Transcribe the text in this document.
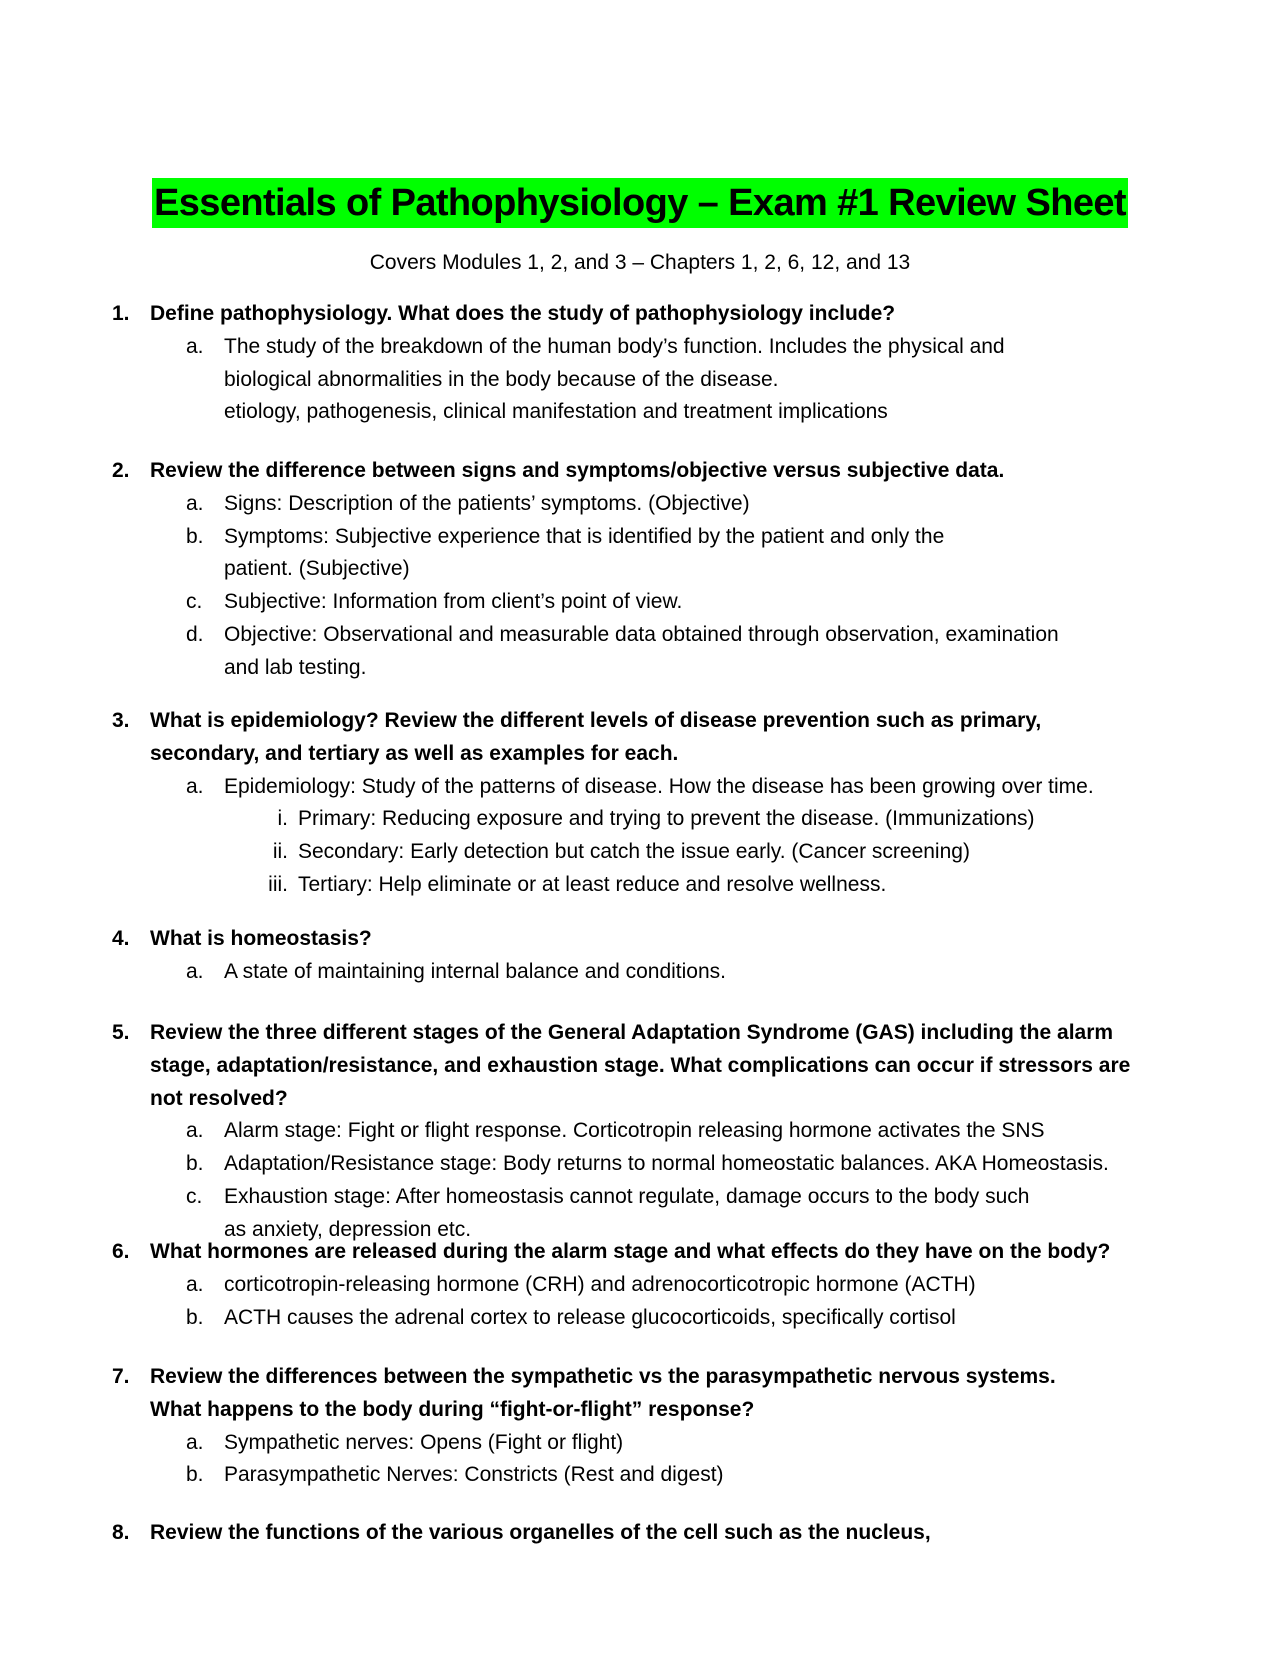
Essentials of Pathophysiology – Exam #1 Review Sheet
Covers Modules 1, 2, and 3 – Chapters 1, 2, 6, 12, and 13
1. Define pathophysiology. What does the study of pathophysiology include?
a. The study of the breakdown of the human body’s function. Includes the physical and
biological abnormalities in the body because of the disease.
etiology, pathogenesis, clinical manifestation and treatment implications
2. Review the difference between signs and symptoms/objective versus subjective data.
a. Signs: Description of the patients’ symptoms. (Objective)
b. Symptoms: Subjective experience that is identified by the patient and only the
patient. (Subjective)
c. Subjective: Information from client’s point of view.
d. Objective: Observational and measurable data obtained through observation, examination
and lab testing.
3. What is epidemiology? Review the different levels of disease prevention such as primary,
secondary, and tertiary as well as examples for each.
a. Epidemiology: Study of the patterns of disease. How the disease has been growing over time.
i. Primary: Reducing exposure and trying to prevent the disease. (Immunizations)
ii. Secondary: Early detection but catch the issue early. (Cancer screening)
iii. Tertiary: Help eliminate or at least reduce and resolve wellness.
4. What is homeostasis?
a. A state of maintaining internal balance and conditions.
5. Review the three different stages of the General Adaptation Syndrome (GAS) including the alarm
stage, adaptation/resistance, and exhaustion stage. What complications can occur if stressors are
not resolved?
a. Alarm stage: Fight or flight response. Corticotropin releasing hormone activates the SNS
b. Adaptation/Resistance stage: Body returns to normal homeostatic balances. AKA Homeostasis.
c. Exhaustion stage: After homeostasis cannot regulate, damage occurs to the body such
as anxiety, depression etc.
6. What hormones are released during the alarm stage and what effects do they have on the body?
a. corticotropin-releasing hormone (CRH) and adrenocorticotropic hormone (ACTH)
b. ACTH causes the adrenal cortex to release glucocorticoids, specifically cortisol
7. Review the differences between the sympathetic vs the parasympathetic nervous systems.
What happens to the body during “fight-or-flight” response?
a. Sympathetic nerves: Opens (Fight or flight)
b. Parasympathetic Nerves: Constricts (Rest and digest)
8. Review the functions of the various organelles of the cell such as the nucleus,
